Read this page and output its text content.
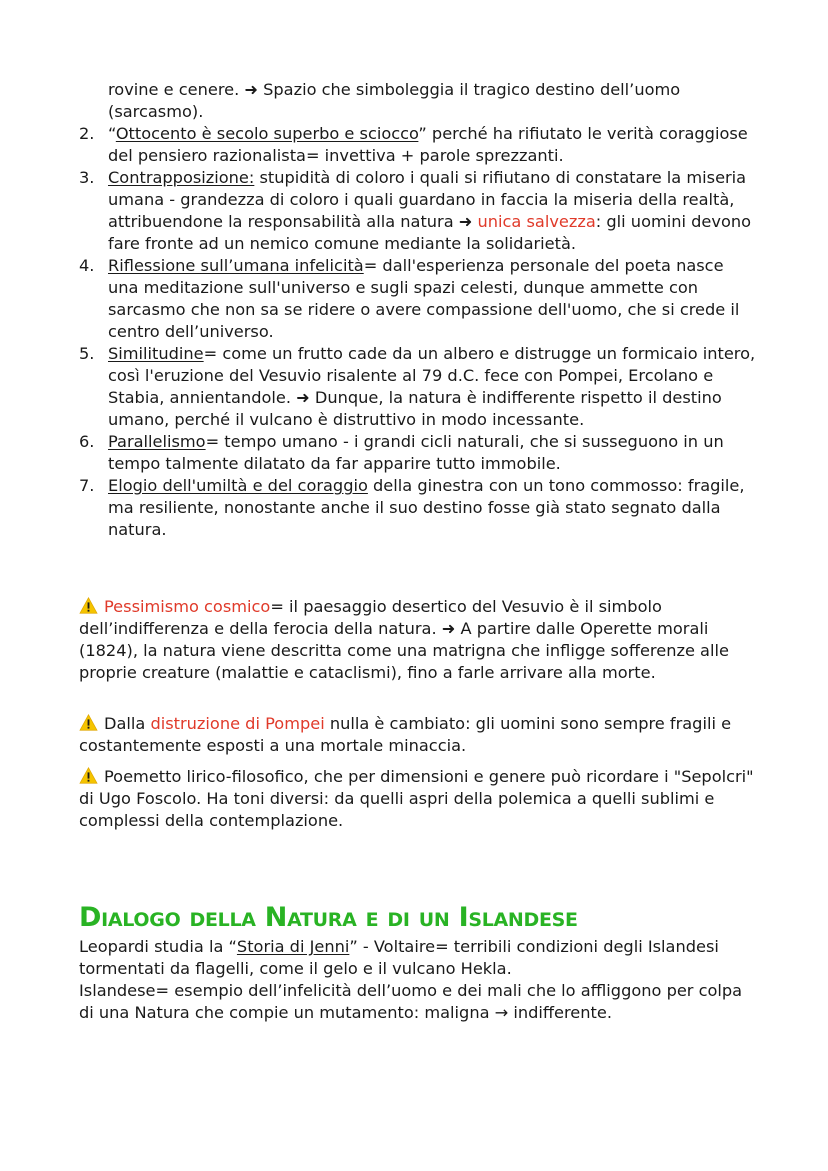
rovine e cenere. ➜ Spazio che simboleggia il tragico destino dell’uomo (sarcasmo).
2. “Ottocento è secolo superbo e sciocco” perché ha rifiutato le verità coraggiose del pensiero razionalista= invettiva + parole sprezzanti.
3. Contrapposizione: stupidità di coloro i quali si rifiutano di constatare la miseria umana - grandezza di coloro i quali guardano in faccia la miseria della realtà, attribuendone la responsabilità alla natura ➜ unica salvezza: gli uomini devono fare fronte ad un nemico comune mediante la solidarietà.
4. Riflessione sull’umana infelicità= dall'esperienza personale del poeta nasce una meditazione sull'universo e sugli spazi celesti, dunque ammette con sarcasmo che non sa se ridere o avere compassione dell'uomo, che si crede il centro dell’universo.
5. Similitudine= come un frutto cade da un albero e distrugge un formicaio intero, così l'eruzione del Vesuvio risalente al 79 d.C. fece con Pompei, Ercolano e Stabia, annientandole. ➜ Dunque, la natura è indifferente rispetto il destino umano, perché il vulcano è distruttivo in modo incessante.
6. Parallelismo= tempo umano - i grandi cicli naturali, che si susseguono in un tempo talmente dilatato da far apparire tutto immobile.
7. Elogio dell'umiltà e del coraggio della ginestra con un tono commosso: fragile, ma resiliente, nonostante anche il suo destino fosse già stato segnato dalla natura.

Pessimismo cosmico= il paesaggio desertico del Vesuvio è il simbolo dell’indifferenza e della ferocia della natura. ➜ A partire dalle Operette morali (1824), la natura viene descritta come una matrigna che infligge sofferenze alle proprie creature (malattie e cataclismi), fino a farle arrivare alla morte.

Dalla distruzione di Pompei nulla è cambiato: gli uomini sono sempre fragili e costantemente esposti a una mortale minaccia.

Poemetto lirico-filosofico, che per dimensioni e genere può ricordare i "Sepolcri" di Ugo Foscolo. Ha toni diversi: da quelli aspri della polemica a quelli sublimi e complessi della contemplazione.

Dialogo della Natura e di un Islandese

Leopardi studia la “Storia di Jenni” - Voltaire= terribili condizioni degli Islandesi tormentati da flagelli, come il gelo e il vulcano Hekla.

Islandese= esempio dell’infelicità dell’uomo e dei mali che lo affliggono per colpa di una Natura che compie un mutamento: maligna → indifferente.
